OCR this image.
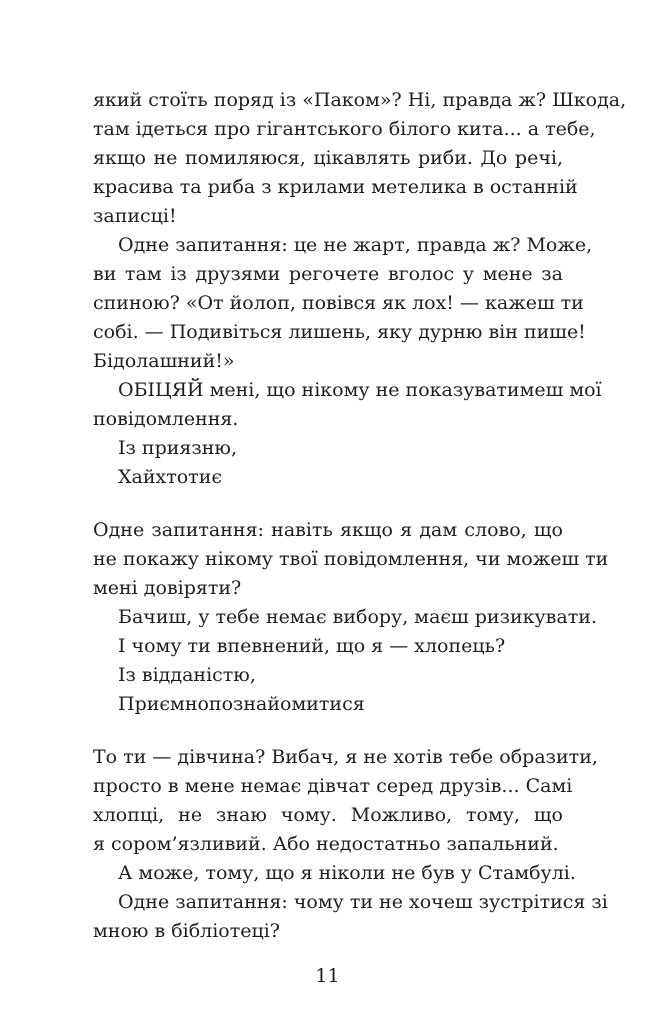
який стоїть поряд із «Паком»? Ні, правда ж? Шкода,
там ідеться про гігантського білого кита... а тебе,
якщо не помиляюся, цікавлять риби. До речі,
красива та риба з крилами метелика в останній
записці!
Одне запитання: це не жарт, правда ж? Може,
ви там із друзями регочете вголос у мене за
спиною? «От йолоп, повівся як лох! — кажеш ти
собі. — Подивіться лишень, яку дурню він пише!
Бідолашний!»
ОБІЦЯЙ мені, що нікому не показуватимеш мої
повідомлення.
Із приязню,
Хайхтотиє
Одне запитання: навіть якщо я дам слово, що
не покажу нікому твої повідомлення, чи можеш ти
мені довіряти?
Бачиш, у тебе немає вибору, маєш ризикувати.
І чому ти впевнений, що я — хлопець?
Із відданістю,
Приємнопознайомитися
То ти — дівчина? Вибач, я не хотів тебе образити,
просто в мене немає дівчат серед друзів... Самі
хлопці, не знаю чому. Можливо, тому, що
я сором’язливий. Або недостатньо запальний.
А може, тому, що я ніколи не був у Стамбулі.
Одне запитання: чому ти не хочеш зустрітися зі
мною в бібліотеці?
11
